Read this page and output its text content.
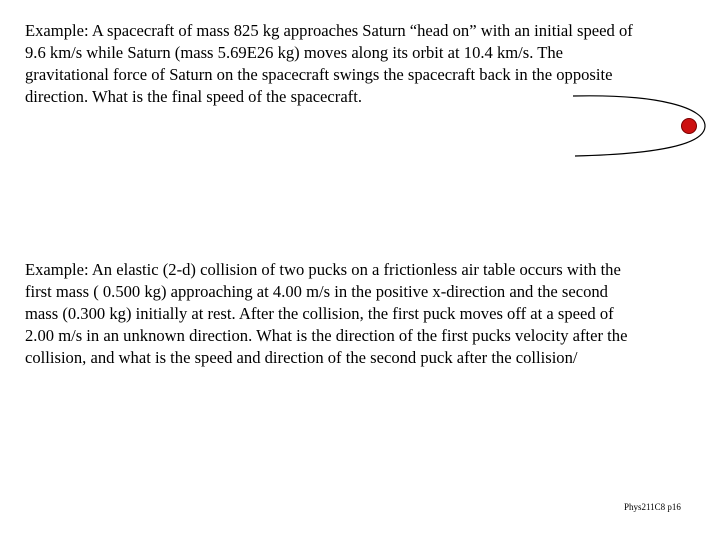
Example: A spacecraft of mass 825 kg approaches Saturn “head on” with an initial speed of
9.6 km/s while Saturn (mass 5.69E26 kg) moves along its orbit at 10.4 km/s. The
gravitational force of Saturn on the spacecraft swings the spacecraft back in the opposite
direction. What is the final speed of the spacecraft.
Example: An elastic (2-d) collision of two pucks on a frictionless air table occurs with the
first mass ( 0.500 kg) approaching at 4.00 m/s in the positive x-direction and the second
mass (0.300 kg) initially at rest. After the collision, the first puck moves off at a speed of
2.00 m/s in an unknown direction. What is the direction of the first pucks velocity after the
collision, and what is the speed and direction of the second puck after the collision/
Phys211C8 p16
